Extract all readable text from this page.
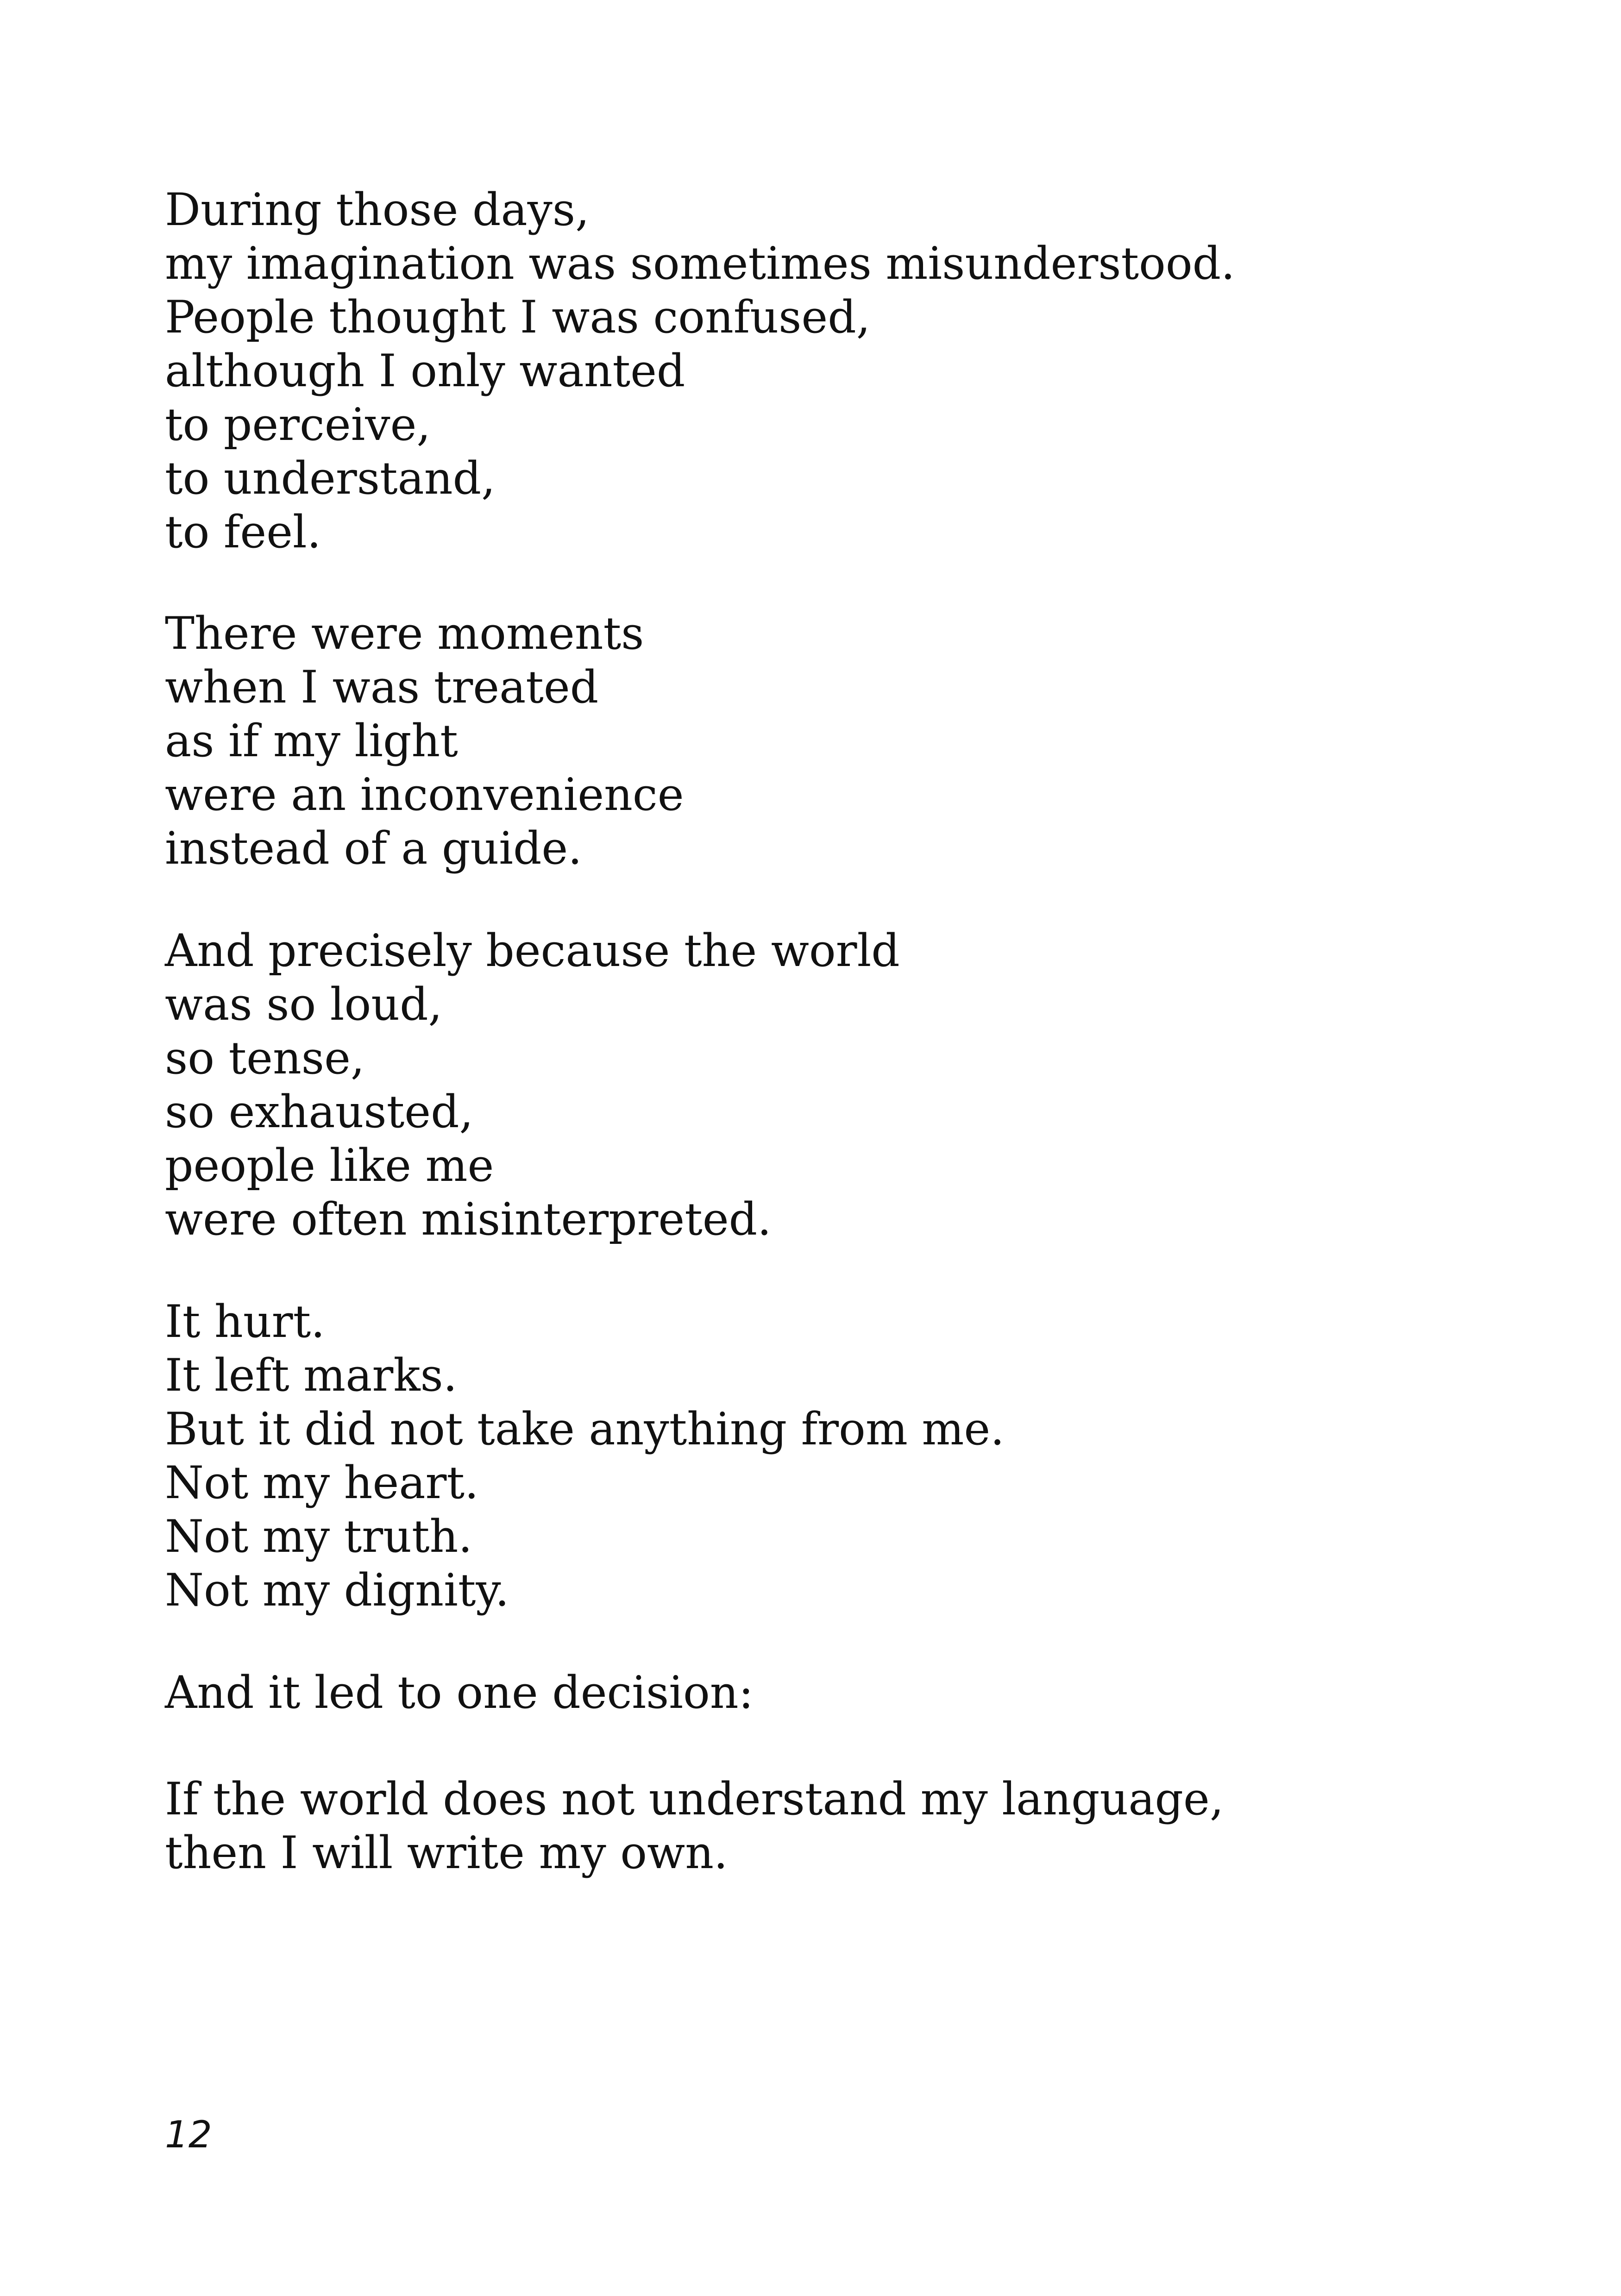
During those days,
my imagination was sometimes misunderstood.
People thought I was confused,
although I only wanted
to perceive,
to understand,
to feel.
There were moments
when I was treated
as if my light
were an inconvenience
instead of a guide.
And precisely because the world
was so loud,
so tense,
so exhausted,
people like me
were often misinterpreted.
It hurt.
It left marks.
But it did not take anything from me.
Not my heart.
Not my truth.
Not my dignity.
And it led to one decision:
If the world does not understand my language,
then I will write my own.
12
